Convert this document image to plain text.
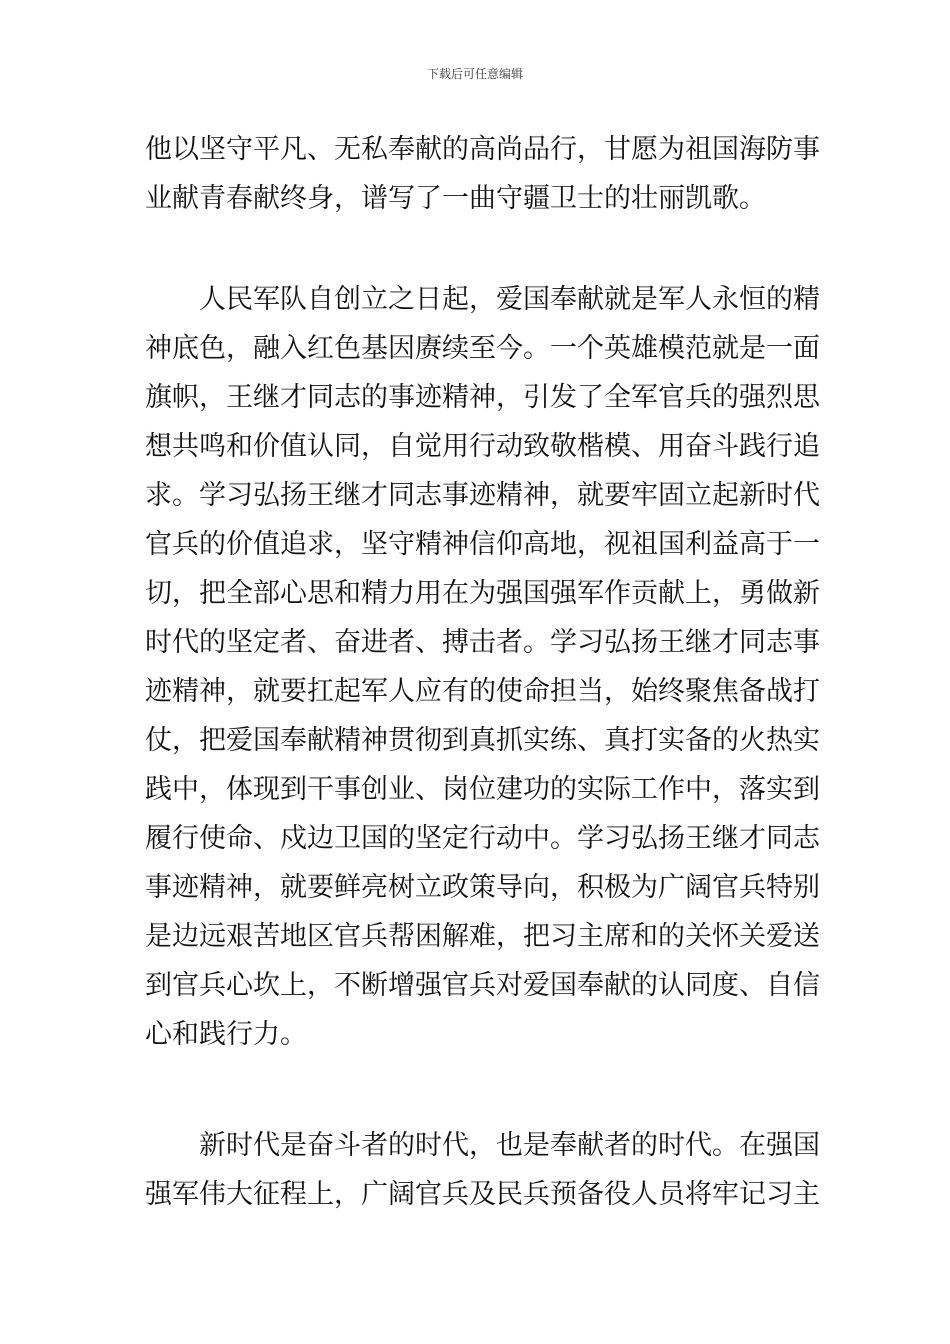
下载后可任意编辑
他以坚守平凡、无私奉献的高尚品行，甘愿为祖国海防事
业献青春献终身，谱写了一曲守疆卫士的壮丽凯歌。
人民军队自创立之日起，爱国奉献就是军人永恒的精
神底色，融入红色基因赓续至今。一个英雄模范就是一面
旗帜，王继才同志的事迹精神，引发了全军官兵的强烈思
想共鸣和价值认同，自觉用行动致敬楷模、用奋斗践行追
求。学习弘扬王继才同志事迹精神，就要牢固立起新时代
官兵的价值追求，坚守精神信仰高地，视祖国利益高于一
切，把全部心思和精力用在为强国强军作贡献上，勇做新
时代的坚定者、奋进者、搏击者。学习弘扬王继才同志事
迹精神，就要扛起军人应有的使命担当，始终聚焦备战打
仗，把爱国奉献精神贯彻到真抓实练、真打实备的火热实
践中，体现到干事创业、岗位建功的实际工作中，落实到
履行使命、戍边卫国的坚定行动中。学习弘扬王继才同志
事迹精神，就要鲜亮树立政策导向，积极为广阔官兵特别
是边远艰苦地区官兵帮困解难，把习主席和的关怀关爱送
到官兵心坎上，不断增强官兵对爱国奉献的认同度、自信
心和践行力。
新时代是奋斗者的时代，也是奉献者的时代。在强国
强军伟大征程上，广阔官兵及民兵预备役人员将牢记习主
